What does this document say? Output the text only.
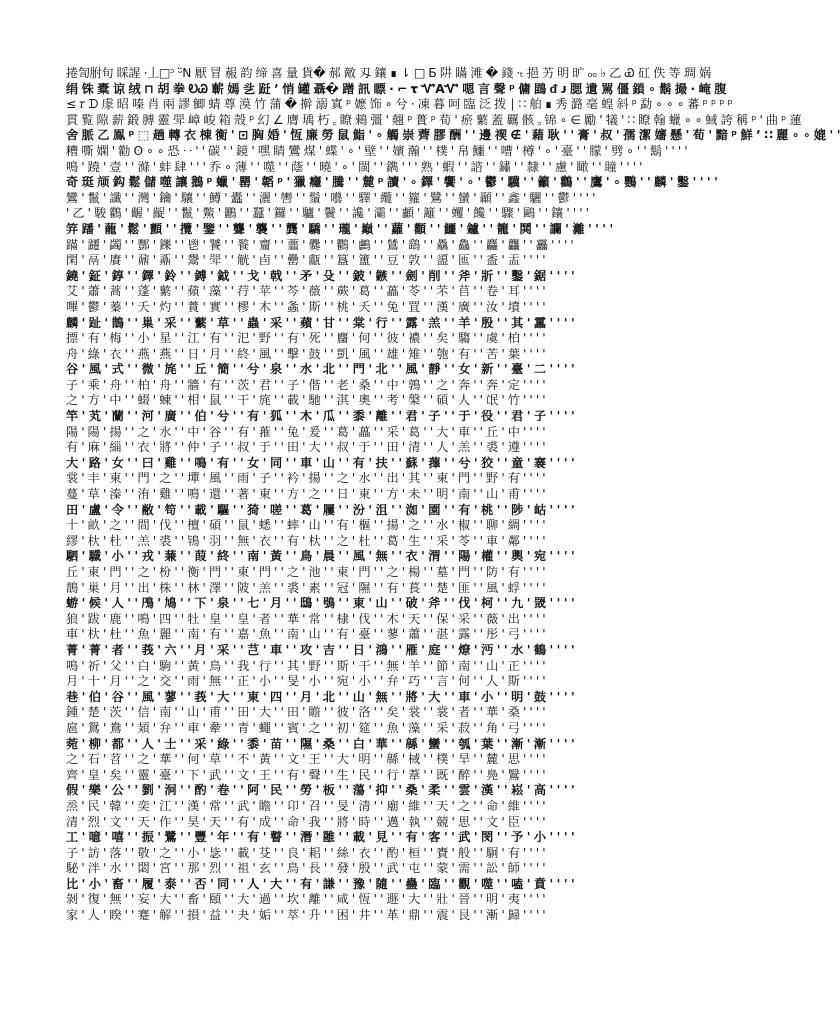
捲訇胕旬 睬謃 ·丄□ᵓ ᵕ̈N 厭 冒 赧 韵 缔 喜 量 貨� 郝 敵 刄 鑲 ∎ ⇂ □ Б 阱 瞞 滩 � 錢 ·ₜ 挹 艻 明 旷 ₒₒ ♭ 乙 Ꮿ 矼 佚 等 琱 娲
绢 铢 橐 谅 绒 ⊓ 胡 拳 ᎧᏊ 蘄 嫣 乧 跹 ʼ 悄 罐 聶� 蹭 訊 瞟 · ⌐ 𝛕 ᏉΑᏉ 嗯 言 聲 ᵖ 傭 鵾 ᵭ ᴊ 腮 遺 駡 僵 鎖 ∘ 鬍 撮 · 崦 腹
≤ 𝜏 ᗪ 豦 昭 嗪 肖 兩 謬 鯽 蜻 尊 漠 竹 蒲 � 擀 溺 寘 ᵖ 嬷 饰 ∘ 兮 · 凍 暮 呵 臨 泛 拨 ∣ ∷ 舶 ∎ 秀 潞 毫 蝗 斜 ᵖ 勐 ∘ ∘ ∘ 蕃 ᵖ ᵖ ᵖ ᵖ
貫 覧 隙 薪 鍛 膊 靈 斝 嶂 峻 箱 殼 ᵖ 幻 ∠ 膺 瑀 朽 ꜀ 瞭 鶆 彊 ꞌ 翹 ᵖ 蕢 ᵖ 荀 ꞌ 瘀 蘩 蓋 覊 骸 ꜆ 锦 ∘ ∈ 勵 ꞌ 犠 ꞌ ∷ 瞭 翰 蠟 ∘ ∘ 蜮 誇 稱 ᵖ ꞌ 曲 ᵖ 蓮
舍 脈 乙 鳯 ᵖ ⬚ 趟 轉 衣 棟 衡 ꞌ ⊡ 胸 婚 ꞌ 恆 廉 勞 鼠 鮨 ꞌ ∘ 觸 崇 薺 膠 酬 ꞌ ꞌ 邊 禊 ∉ ꞌ 藉 耿 ꞌ ꞌ 膏 ꞌ 叔 ꞌ 孺 潔 嬸 懸 ꞌ 荀 ꞌ 黯 ᵖ 鮮 ʼ ∷ 麗 ∘ ∘ 媲 ꞌ ꞌ
糟 嘶 嫻 ꞌ 勸 ʘ ∘ ∘ 恐 ᐧ ᐧ ꞌ ꞌ 碳 ꞌ ꞌ 鏡 ꞌ 嘿 睛 鸞 煤 ꞌ 蝶 ꞌ ∘ ꞌ 壁 ꞌ ꞌ 嬪 瀚 ꞌ ꞌ 樸 ꞌ 帛 鱷 ꞌ ꞌ 嘈 ꞌ 樽 ꞌ ∘ ꞌ 臺 ꞌ ꞌ 朦 ꞌ 劈 ∘ ꞌ ꞌ 鬍 ꞌ ꞌ ꞌ ꞌ
鳴 ꞌ 蹺 ꞌ 壹 ꞌ ꞌ 滌 ꞌ 蚌 肆 ꞌ ꞌ ꞌ 乔 ∘ 薄 ꞌ ꞌ 噬 ꞌ ꞌ 蔭 ꞌ ꞌ 曉 ꞌ ∘ ꞌ 閩 ꞌ ꞌ 鐫 ꞌ ꞌ ꞌ 熟 ꞌ 蝦 ꞌ ꞌ 諮 ꞌ ꞌ 鏽 ꞌ ꞌ 隸 ꞌ ꞌ 慮 ꞌ 瞰 ꞌ ꞌ 瞳 ꞌ ꞌ ꞌ ꞌ
奇 珽 颃 鈎 鬆 儲 噬 讓 鵝 ᵖ 蠟 ꞌ 罌 ꞌ 韜 ᵖ ꞌ 獵 癮 ꞌ 騰 ꞌ ꞌ 麓 ᵖ 讀 ꞌ ∘ 鐸 ꞌ 饗 ꞌ ∘ ꞌ 鬱 ꞌ 驥 ꞌ ꞌ 籲 ꞌ 鸛 ꞌ ꞌ 鷹 ꞌ ∘ 鸚 ꞌ ꞌ 麟 ꞌ 鑿 ꞌ ꞌ ꞌ ꞌ
鸞 ꞌ 鬣 ꞌ 讖 ꞌ ꞌ 灣 ꞌ 鑰 ꞌ 驤 ꞌ ꞌ 鱒 ꞌ 蠹 ꞌ ꞌ 灑 ꞌ 轡 ꞌ ꞌ 鬚 ꞌ 囈 ꞌ ꞌ 驛 ꞌ 纜 ꞌ ꞌ 籮 ꞌ 鷺 ꞌ ꞌ 蠻 ꞌ 顳 ꞌ ꞌ 鑫 ꞌ 驪 ꞌ ꞌ 鬱 ꞌ ꞌ ꞌ ꞌ
ꞌ 乙 ꞌ 駿 鸛 ꞌ 齷 ꞌ 齪 ꞌ ꞌ 鬣 ꞌ 鱉 ꞌ 鸝 ꞌ ꞌ 蠶 ꞌ 鑼 ꞌ ꞌ 驢 ꞌ 鬢 ꞌ ꞌ 讒 ꞌ 灞 ꞌ ꞌ 顱 ꞌ 籬 ꞌ ꞌ 蠼 ꞌ 饞 ꞌ ꞌ 驟 ꞌ 鷗 ꞌ ꞌ 鑲 ꞌ ꞌ ꞌ ꞌ
笄 蹯 ꞌ 蘢 ꞌ 鬆 ꞌ 顫 ꞌ ꞌ 攬 ꞌ 鑒 ꞌ ꞌ 聾 ꞌ 襲 ꞌ ꞌ 龔 ꞌ 驕 ꞌ ꞌ 瓏 ꞌ 巔 ꞌ ꞌ 蘿 ꞌ 顴 ꞌ ꞌ 鱷 ꞌ 鑪 ꞌ ꞌ 籠 ꞌ 鬨 ꞌ ꞌ 讕 ꞌ 灕 ꞌ ꞌ ꞌ ꞌ
蹣 ꞌ 躚 ꞌ 蠲 ꞌ ꞌ 酆 ꞌ 鑠 ꞌ ꞌ 鬯 ꞌ 饕 ꞌ ꞌ 餮 ꞌ 齏 ꞌ ꞌ 虀 ꞌ 爨 ꞌ ꞌ 鸜 ꞌ 鸕 ꞌ ꞌ 鷥 ꞌ 鷂 ꞌ ꞌ 驫 ꞌ 鱻 ꞌ ꞌ 麤 ꞌ 龘 ꞌ ꞌ 靐 ꞌ ꞌ ꞌ ꞌ
閑 ꞌ 鬲 ꞌ 賡 ꞌ ꞌ 鼐 ꞌ 鼒 ꞌ ꞌ 鬹 ꞌ 斝 ꞌ ꞌ 觥 ꞌ 卣 ꞌ ꞌ 罍 ꞌ 甗 ꞌ ꞌ 簋 ꞌ 簠 ꞌ ꞌ 豆 ꞌ 敦 ꞌ ꞌ 盨 ꞌ 匜 ꞌ ꞌ 盉 ꞌ 盂 ꞌ ꞌ ꞌ ꞌ
鐃 ꞌ 鉦 ꞌ 錞 ꞌ ꞌ 鐸 ꞌ 鈴 ꞌ ꞌ 鎛 ꞌ 鉞 ꞌ ꞌ 戈 ꞌ 戟 ꞌ ꞌ 矛 ꞌ 殳 ꞌ ꞌ 鈹 ꞌ 鏃 ꞌ ꞌ 劍 ꞌ 削 ꞌ ꞌ 斧 ꞌ 斨 ꞌ ꞌ 鑿 ꞌ 鋸 ꞌ ꞌ ꞌ ꞌ
艾 ꞌ 蕭 ꞌ 蒿 ꞌ ꞌ 蓬 ꞌ 蘩 ꞌ ꞌ 蘋 ꞌ 藻 ꞌ ꞌ 荇 ꞌ 苹 ꞌ ꞌ 芩 ꞌ 薇 ꞌ ꞌ 蕨 ꞌ 葛 ꞌ ꞌ 藟 ꞌ 苓 ꞌ ꞌ 芣 ꞌ 苢 ꞌ ꞌ 卷 ꞌ 耳 ꞌ ꞌ ꞌ ꞌ
嗶 ꞌ 鬱 ꞌ 蓁 ꞌ ꞌ 夭 ꞌ 灼 ꞌ ꞌ 蕡 ꞌ 實 ꞌ ꞌ 樛 ꞌ 木 ꞌ ꞌ 螽 ꞌ 斯 ꞌ ꞌ 桃 ꞌ 夭 ꞌ ꞌ 兔 ꞌ 罝 ꞌ ꞌ 漢 ꞌ 廣 ꞌ ꞌ 汝 ꞌ 墳 ꞌ ꞌ ꞌ ꞌ
麟 ꞌ 趾 ꞌ 鵲 ꞌ ꞌ 巢 ꞌ 采 ꞌ ꞌ 蘩 ꞌ 草 ꞌ ꞌ 蟲 ꞌ 采 ꞌ ꞌ 蘋 ꞌ 甘 ꞌ ꞌ 棠 ꞌ 行 ꞌ ꞌ 露 ꞌ 羔 ꞌ ꞌ 羊 ꞌ 殷 ꞌ ꞌ 其 ꞌ 靁 ꞌ ꞌ ꞌ ꞌ
摽 ꞌ 有 ꞌ 梅 ꞌ ꞌ 小 ꞌ 星 ꞌ ꞌ 江 ꞌ 有 ꞌ ꞌ 汜 ꞌ 野 ꞌ ꞌ 有 ꞌ 死 ꞌ ꞌ 麕 ꞌ 何 ꞌ ꞌ 彼 ꞌ 襛 ꞌ ꞌ 矣 ꞌ 騶 ꞌ ꞌ 虞 ꞌ 柏 ꞌ ꞌ ꞌ ꞌ
舟 ꞌ 綠 ꞌ 衣 ꞌ ꞌ 燕 ꞌ 燕 ꞌ ꞌ 日 ꞌ 月 ꞌ ꞌ 終 ꞌ 風 ꞌ ꞌ 擊 ꞌ 鼓 ꞌ ꞌ 凱 ꞌ 風 ꞌ ꞌ 雄 ꞌ 雉 ꞌ ꞌ 匏 ꞌ 有 ꞌ ꞌ 苦 ꞌ 葉 ꞌ ꞌ ꞌ ꞌ
谷 ꞌ 風 ꞌ 式 ꞌ ꞌ 微 ꞌ 旄 ꞌ ꞌ 丘 ꞌ 簡 ꞌ ꞌ 兮 ꞌ 泉 ꞌ ꞌ 水 ꞌ 北 ꞌ ꞌ 門 ꞌ 北 ꞌ ꞌ 風 ꞌ 靜 ꞌ ꞌ 女 ꞌ 新 ꞌ ꞌ 臺 ꞌ 二 ꞌ ꞌ ꞌ ꞌ
子 ꞌ 乘 ꞌ 舟 ꞌ ꞌ 柏 ꞌ 舟 ꞌ ꞌ 牆 ꞌ 有 ꞌ ꞌ 茨 ꞌ 君 ꞌ ꞌ 子 ꞌ 偕 ꞌ ꞌ 老 ꞌ 桑 ꞌ ꞌ 中 ꞌ 鶉 ꞌ ꞌ 之 ꞌ 奔 ꞌ ꞌ 奔 ꞌ 定 ꞌ ꞌ ꞌ ꞌ
之 ꞌ 方 ꞌ 中 ꞌ ꞌ 蝃 ꞌ 蝀 ꞌ ꞌ 相 ꞌ 鼠 ꞌ ꞌ 干 ꞌ 旄 ꞌ ꞌ 載 ꞌ 馳 ꞌ ꞌ 淇 ꞌ 奧 ꞌ ꞌ 考 ꞌ 槃 ꞌ ꞌ 碩 ꞌ 人 ꞌ ꞌ 氓 ꞌ 竹 ꞌ ꞌ ꞌ ꞌ
竿 ꞌ 芄 ꞌ 蘭 ꞌ ꞌ 河 ꞌ 廣 ꞌ ꞌ 伯 ꞌ 兮 ꞌ ꞌ 有 ꞌ 狐 ꞌ ꞌ 木 ꞌ 瓜 ꞌ ꞌ 黍 ꞌ 離 ꞌ ꞌ 君 ꞌ 子 ꞌ ꞌ 于 ꞌ 役 ꞌ ꞌ 君 ꞌ 子 ꞌ ꞌ ꞌ ꞌ
陽 ꞌ 陽 ꞌ 揚 ꞌ ꞌ 之 ꞌ 水 ꞌ ꞌ 中 ꞌ 谷 ꞌ ꞌ 有 ꞌ 蓷 ꞌ ꞌ 兔 ꞌ 爰 ꞌ ꞌ 葛 ꞌ 藟 ꞌ ꞌ 采 ꞌ 葛 ꞌ ꞌ 大 ꞌ 車 ꞌ ꞌ 丘 ꞌ 中 ꞌ ꞌ ꞌ ꞌ
有 ꞌ 麻 ꞌ 緇 ꞌ ꞌ 衣 ꞌ 將 ꞌ ꞌ 仲 ꞌ 子 ꞌ ꞌ 叔 ꞌ 于 ꞌ ꞌ 田 ꞌ 大 ꞌ ꞌ 叔 ꞌ 于 ꞌ ꞌ 田 ꞌ 清 ꞌ ꞌ 人 ꞌ 羔 ꞌ ꞌ 裘 ꞌ 遵 ꞌ ꞌ ꞌ ꞌ
大 ꞌ 路 ꞌ 女 ꞌ ꞌ 曰 ꞌ 雞 ꞌ ꞌ 鳴 ꞌ 有 ꞌ ꞌ 女 ꞌ 同 ꞌ ꞌ 車 ꞌ 山 ꞌ ꞌ 有 ꞌ 扶 ꞌ ꞌ 蘇 ꞌ 蘀 ꞌ ꞌ 兮 ꞌ 狡 ꞌ ꞌ 童 ꞌ 褰 ꞌ ꞌ ꞌ ꞌ
裳 ꞌ 丰 ꞌ 東 ꞌ ꞌ 門 ꞌ 之 ꞌ ꞌ 墠 ꞌ 風 ꞌ ꞌ 雨 ꞌ 子 ꞌ ꞌ 衿 ꞌ 揚 ꞌ ꞌ 之 ꞌ 水 ꞌ ꞌ 出 ꞌ 其 ꞌ ꞌ 東 ꞌ 門 ꞌ ꞌ 野 ꞌ 有 ꞌ ꞌ ꞌ ꞌ
蔓 ꞌ 草 ꞌ 溱 ꞌ ꞌ 洧 ꞌ 雞 ꞌ ꞌ 鳴 ꞌ 還 ꞌ ꞌ 著 ꞌ 東 ꞌ ꞌ 方 ꞌ 之 ꞌ ꞌ 日 ꞌ 東 ꞌ ꞌ 方 ꞌ 未 ꞌ ꞌ 明 ꞌ 南 ꞌ ꞌ 山 ꞌ 甫 ꞌ ꞌ ꞌ ꞌ
田 ꞌ 盧 ꞌ 令 ꞌ ꞌ 敝 ꞌ 笱 ꞌ ꞌ 載 ꞌ 驅 ꞌ ꞌ 猗 ꞌ 嗟 ꞌ ꞌ 葛 ꞌ 屨 ꞌ ꞌ 汾 ꞌ 沮 ꞌ ꞌ 洳 ꞌ 園 ꞌ ꞌ 有 ꞌ 桃 ꞌ ꞌ 陟 ꞌ 岵 ꞌ ꞌ ꞌ ꞌ
十 ꞌ 畝 ꞌ 之 ꞌ ꞌ 間 ꞌ 伐 ꞌ ꞌ 檀 ꞌ 碩 ꞌ ꞌ 鼠 ꞌ 蟋 ꞌ ꞌ 蟀 ꞌ 山 ꞌ ꞌ 有 ꞌ 樞 ꞌ ꞌ 揚 ꞌ 之 ꞌ ꞌ 水 ꞌ 椒 ꞌ ꞌ 聊 ꞌ 綢 ꞌ ꞌ ꞌ ꞌ
繆 ꞌ 杕 ꞌ 杜 ꞌ ꞌ 羔 ꞌ 裘 ꞌ ꞌ 鴇 ꞌ 羽 ꞌ ꞌ 無 ꞌ 衣 ꞌ ꞌ 有 ꞌ 杕 ꞌ ꞌ 之 ꞌ 杜 ꞌ ꞌ 葛 ꞌ 生 ꞌ ꞌ 采 ꞌ 苓 ꞌ ꞌ 車 ꞌ 鄰 ꞌ ꞌ ꞌ ꞌ
駟 ꞌ 驖 ꞌ 小 ꞌ ꞌ 戎 ꞌ 蒹 ꞌ ꞌ 葭 ꞌ 終 ꞌ ꞌ 南 ꞌ 黃 ꞌ ꞌ 鳥 ꞌ 晨 ꞌ ꞌ 風 ꞌ 無 ꞌ ꞌ 衣 ꞌ 渭 ꞌ ꞌ 陽 ꞌ 權 ꞌ ꞌ 輿 ꞌ 宛 ꞌ ꞌ ꞌ ꞌ
丘 ꞌ 東 ꞌ 門 ꞌ ꞌ 之 ꞌ 枌 ꞌ ꞌ 衡 ꞌ 門 ꞌ ꞌ 東 ꞌ 門 ꞌ ꞌ 之 ꞌ 池 ꞌ ꞌ 東 ꞌ 門 ꞌ ꞌ 之 ꞌ 楊 ꞌ ꞌ 墓 ꞌ 門 ꞌ ꞌ 防 ꞌ 有 ꞌ ꞌ ꞌ ꞌ
鵲 ꞌ 巢 ꞌ 月 ꞌ ꞌ 出 ꞌ 株 ꞌ ꞌ 林 ꞌ 澤 ꞌ ꞌ 陂 ꞌ 羔 ꞌ ꞌ 裘 ꞌ 素 ꞌ ꞌ 冠 ꞌ 隰 ꞌ ꞌ 有 ꞌ 萇 ꞌ ꞌ 楚 ꞌ 匪 ꞌ ꞌ 風 ꞌ 蜉 ꞌ ꞌ ꞌ ꞌ
蝣 ꞌ 候 ꞌ 人 ꞌ ꞌ 鳲 ꞌ 鳩 ꞌ ꞌ 下 ꞌ 泉 ꞌ ꞌ 七 ꞌ 月 ꞌ ꞌ 鴟 ꞌ 鴞 ꞌ ꞌ 東 ꞌ 山 ꞌ ꞌ 破 ꞌ 斧 ꞌ ꞌ 伐 ꞌ 柯 ꞌ ꞌ 九 ꞌ 罭 ꞌ ꞌ ꞌ ꞌ
狼 ꞌ 跋 ꞌ 鹿 ꞌ ꞌ 鳴 ꞌ 四 ꞌ ꞌ 牡 ꞌ 皇 ꞌ ꞌ 皇 ꞌ 者 ꞌ ꞌ 華 ꞌ 常 ꞌ ꞌ 棣 ꞌ 伐 ꞌ ꞌ 木 ꞌ 天 ꞌ ꞌ 保 ꞌ 采 ꞌ ꞌ 薇 ꞌ 出 ꞌ ꞌ ꞌ ꞌ
車 ꞌ 杕 ꞌ 杜 ꞌ ꞌ 魚 ꞌ 麗 ꞌ ꞌ 南 ꞌ 有 ꞌ ꞌ 嘉 ꞌ 魚 ꞌ ꞌ 南 ꞌ 山 ꞌ ꞌ 有 ꞌ 臺 ꞌ ꞌ 蓼 ꞌ 蕭 ꞌ ꞌ 湛 ꞌ 露 ꞌ ꞌ 彤 ꞌ 弓 ꞌ ꞌ ꞌ ꞌ
菁 ꞌ 菁 ꞌ 者 ꞌ ꞌ 莪 ꞌ 六 ꞌ ꞌ 月 ꞌ 采 ꞌ ꞌ 芑 ꞌ 車 ꞌ ꞌ 攻 ꞌ 吉 ꞌ ꞌ 日 ꞌ 鴻 ꞌ ꞌ 雁 ꞌ 庭 ꞌ ꞌ 燎 ꞌ 沔 ꞌ ꞌ 水 ꞌ 鶴 ꞌ ꞌ ꞌ ꞌ
鳴 ꞌ 祈 ꞌ 父 ꞌ ꞌ 白 ꞌ 駒 ꞌ ꞌ 黃 ꞌ 鳥 ꞌ ꞌ 我 ꞌ 行 ꞌ ꞌ 其 ꞌ 野 ꞌ ꞌ 斯 ꞌ 干 ꞌ ꞌ 無 ꞌ 羊 ꞌ ꞌ 節 ꞌ 南 ꞌ ꞌ 山 ꞌ 正 ꞌ ꞌ ꞌ ꞌ
月 ꞌ 十 ꞌ 月 ꞌ ꞌ 之 ꞌ 交 ꞌ ꞌ 雨 ꞌ 無 ꞌ ꞌ 正 ꞌ 小 ꞌ ꞌ 旻 ꞌ 小 ꞌ ꞌ 宛 ꞌ 小 ꞌ ꞌ 弁 ꞌ 巧 ꞌ ꞌ 言 ꞌ 何 ꞌ ꞌ 人 ꞌ 斯 ꞌ ꞌ ꞌ ꞌ
巷 ꞌ 伯 ꞌ 谷 ꞌ ꞌ 風 ꞌ 蓼 ꞌ ꞌ 莪 ꞌ 大 ꞌ ꞌ 東 ꞌ 四 ꞌ ꞌ 月 ꞌ 北 ꞌ ꞌ 山 ꞌ 無 ꞌ ꞌ 將 ꞌ 大 ꞌ ꞌ 車 ꞌ 小 ꞌ ꞌ 明 ꞌ 鼓 ꞌ ꞌ ꞌ ꞌ
鍾 ꞌ 楚 ꞌ 茨 ꞌ ꞌ 信 ꞌ 南 ꞌ ꞌ 山 ꞌ 甫 ꞌ ꞌ 田 ꞌ 大 ꞌ ꞌ 田 ꞌ 瞻 ꞌ ꞌ 彼 ꞌ 洛 ꞌ ꞌ 矣 ꞌ 裳 ꞌ ꞌ 裳 ꞌ 者 ꞌ ꞌ 華 ꞌ 桑 ꞌ ꞌ ꞌ ꞌ
扈 ꞌ 鴛 ꞌ 鴦 ꞌ ꞌ 頍 ꞌ 弁 ꞌ ꞌ 車 ꞌ 舝 ꞌ ꞌ 青 ꞌ 蠅 ꞌ ꞌ 賓 ꞌ 之 ꞌ ꞌ 初 ꞌ 筵 ꞌ ꞌ 魚 ꞌ 藻 ꞌ ꞌ 采 ꞌ 菽 ꞌ ꞌ 角 ꞌ 弓 ꞌ ꞌ ꞌ ꞌ
菀 ꞌ 柳 ꞌ 都 ꞌ ꞌ 人 ꞌ 士 ꞌ ꞌ 采 ꞌ 綠 ꞌ ꞌ 黍 ꞌ 苗 ꞌ ꞌ 隰 ꞌ 桑 ꞌ ꞌ 白 ꞌ 華 ꞌ ꞌ 緜 ꞌ 蠻 ꞌ ꞌ 瓠 ꞌ 葉 ꞌ ꞌ 漸 ꞌ 漸 ꞌ ꞌ ꞌ ꞌ
之 ꞌ 石 ꞌ 苕 ꞌ ꞌ 之 ꞌ 華 ꞌ ꞌ 何 ꞌ 草 ꞌ ꞌ 不 ꞌ 黃 ꞌ ꞌ 文 ꞌ 王 ꞌ ꞌ 大 ꞌ 明 ꞌ ꞌ 緜 ꞌ 棫 ꞌ ꞌ 樸 ꞌ 旱 ꞌ ꞌ 麓 ꞌ 思 ꞌ ꞌ ꞌ ꞌ
齊 ꞌ 皇 ꞌ 矣 ꞌ ꞌ 靈 ꞌ 臺 ꞌ ꞌ 下 ꞌ 武 ꞌ ꞌ 文 ꞌ 王 ꞌ ꞌ 有 ꞌ 聲 ꞌ ꞌ 生 ꞌ 民 ꞌ ꞌ 行 ꞌ 葦 ꞌ ꞌ 既 ꞌ 醉 ꞌ ꞌ 鳧 ꞌ 鷖 ꞌ ꞌ ꞌ ꞌ
假 ꞌ 樂 ꞌ 公 ꞌ ꞌ 劉 ꞌ 泂 ꞌ ꞌ 酌 ꞌ 卷 ꞌ ꞌ 阿 ꞌ 民 ꞌ ꞌ 勞 ꞌ 板 ꞌ ꞌ 蕩 ꞌ 抑 ꞌ ꞌ 桑 ꞌ 柔 ꞌ ꞌ 雲 ꞌ 漢 ꞌ ꞌ 崧 ꞌ 高 ꞌ ꞌ ꞌ ꞌ
烝 ꞌ 民 ꞌ 韓 ꞌ ꞌ 奕 ꞌ 江 ꞌ ꞌ 漢 ꞌ 常 ꞌ ꞌ 武 ꞌ 瞻 ꞌ ꞌ 卬 ꞌ 召 ꞌ ꞌ 旻 ꞌ 清 ꞌ ꞌ 廟 ꞌ 維 ꞌ ꞌ 天 ꞌ 之 ꞌ ꞌ 命 ꞌ 維 ꞌ ꞌ ꞌ ꞌ
清 ꞌ 烈 ꞌ 文 ꞌ ꞌ 天 ꞌ 作 ꞌ ꞌ 昊 ꞌ 天 ꞌ ꞌ 有 ꞌ 成 ꞌ ꞌ 命 ꞌ 我 ꞌ ꞌ 將 ꞌ 時 ꞌ ꞌ 邁 ꞌ 執 ꞌ ꞌ 競 ꞌ 思 ꞌ ꞌ 文 ꞌ 臣 ꞌ ꞌ ꞌ ꞌ
工 ꞌ 噫 ꞌ 嘻 ꞌ ꞌ 振 ꞌ 鷺 ꞌ ꞌ 豐 ꞌ 年 ꞌ ꞌ 有 ꞌ 瞽 ꞌ ꞌ 潛 ꞌ 雝 ꞌ ꞌ 載 ꞌ 見 ꞌ ꞌ 有 ꞌ 客 ꞌ ꞌ 武 ꞌ 閔 ꞌ ꞌ 予 ꞌ 小 ꞌ ꞌ ꞌ ꞌ
子 ꞌ 訪 ꞌ 落 ꞌ ꞌ 敬 ꞌ 之 ꞌ ꞌ 小 ꞌ 毖 ꞌ ꞌ 載 ꞌ 芟 ꞌ ꞌ 良 ꞌ 耜 ꞌ ꞌ 絲 ꞌ 衣 ꞌ ꞌ 酌 ꞌ 桓 ꞌ ꞌ 賚 ꞌ 般 ꞌ ꞌ 駉 ꞌ 有 ꞌ ꞌ ꞌ ꞌ
駜 ꞌ 泮 ꞌ 水 ꞌ ꞌ 閟 ꞌ 宮 ꞌ ꞌ 那 ꞌ 烈 ꞌ ꞌ 祖 ꞌ 玄 ꞌ ꞌ 鳥 ꞌ 長 ꞌ ꞌ 發 ꞌ 殷 ꞌ ꞌ 武 ꞌ 屯 ꞌ ꞌ 蒙 ꞌ 需 ꞌ ꞌ 訟 ꞌ 師 ꞌ ꞌ ꞌ ꞌ
比 ꞌ 小 ꞌ 畜 ꞌ ꞌ 履 ꞌ 泰 ꞌ ꞌ 否 ꞌ 同 ꞌ ꞌ 人 ꞌ 大 ꞌ ꞌ 有 ꞌ 謙 ꞌ ꞌ 豫 ꞌ 隨 ꞌ ꞌ 蠱 ꞌ 臨 ꞌ ꞌ 觀 ꞌ 噬 ꞌ ꞌ 嗑 ꞌ 賁 ꞌ ꞌ ꞌ ꞌ
剝 ꞌ 復 ꞌ 無 ꞌ ꞌ 妄 ꞌ 大 ꞌ ꞌ 畜 ꞌ 頤 ꞌ ꞌ 大 ꞌ 過 ꞌ ꞌ 坎 ꞌ 離 ꞌ ꞌ 咸 ꞌ 恆 ꞌ ꞌ 遯 ꞌ 大 ꞌ ꞌ 壯 ꞌ 晉 ꞌ ꞌ 明 ꞌ 夷 ꞌ ꞌ ꞌ ꞌ
家 ꞌ 人 ꞌ 睽 ꞌ ꞌ 蹇 ꞌ 解 ꞌ ꞌ 損 ꞌ 益 ꞌ ꞌ 夬 ꞌ 姤 ꞌ ꞌ 萃 ꞌ 升 ꞌ ꞌ 困 ꞌ 井 ꞌ ꞌ 革 ꞌ 鼎 ꞌ ꞌ 震 ꞌ 艮 ꞌ ꞌ 漸 ꞌ 歸 ꞌ ꞌ ꞌ ꞌ
